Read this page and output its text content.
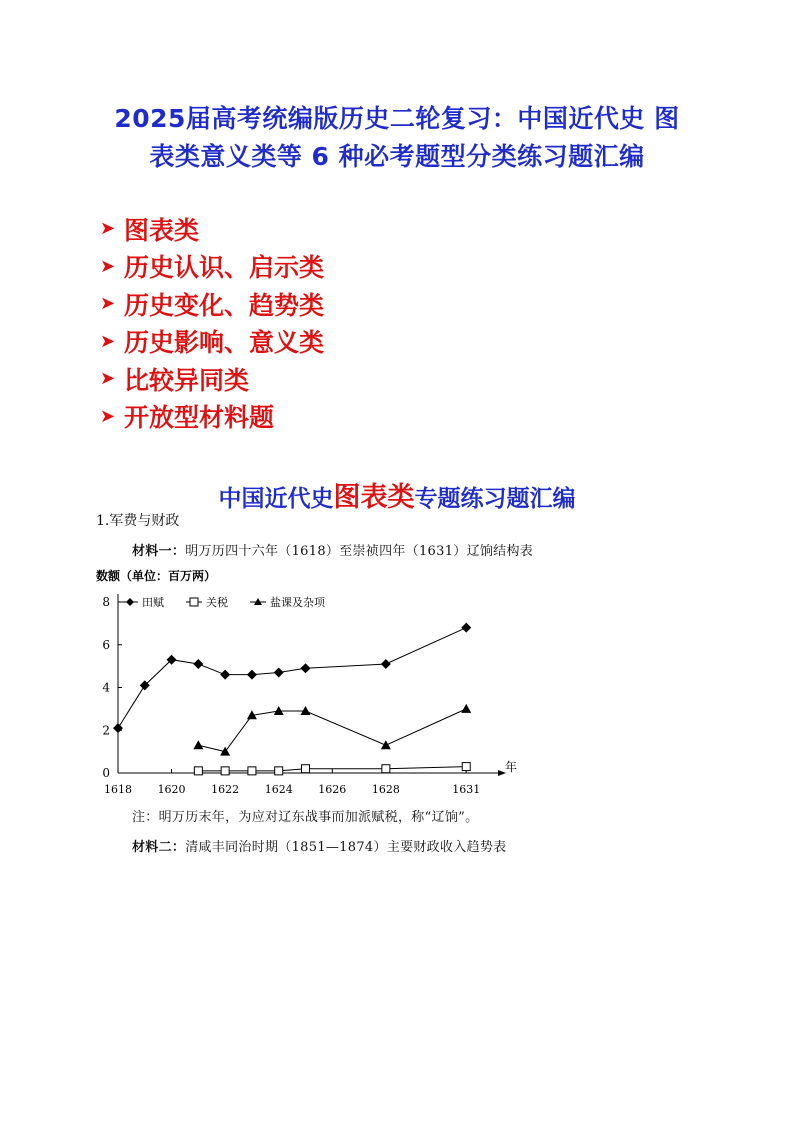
2025届高考统编版历史二轮复习：中国近代史 图
表类意义类等 6 种必考题型分类练习题汇编
➤ 图表类
➤ 历史认识、启示类
➤ 历史变化、趋势类
➤ 历史影响、意义类
➤ 比较异同类
➤ 开放型材料题
中国近代史图表类专题练习题汇编
1.军费与财政
材料一：明万历四十六年（1618）至崇祯四年（1631）辽饷结构表
数额（单位：百万两）
年
0
2
4
6
8
1618 1620 1622 1624 1626 1628	1631
田赋	关税	盐课及杂项
注：明万历末年，为应对辽东战事而加派赋税，称“辽饷”。
材料二：清咸丰同治时期（1851—1874）主要财政收入趋势表
